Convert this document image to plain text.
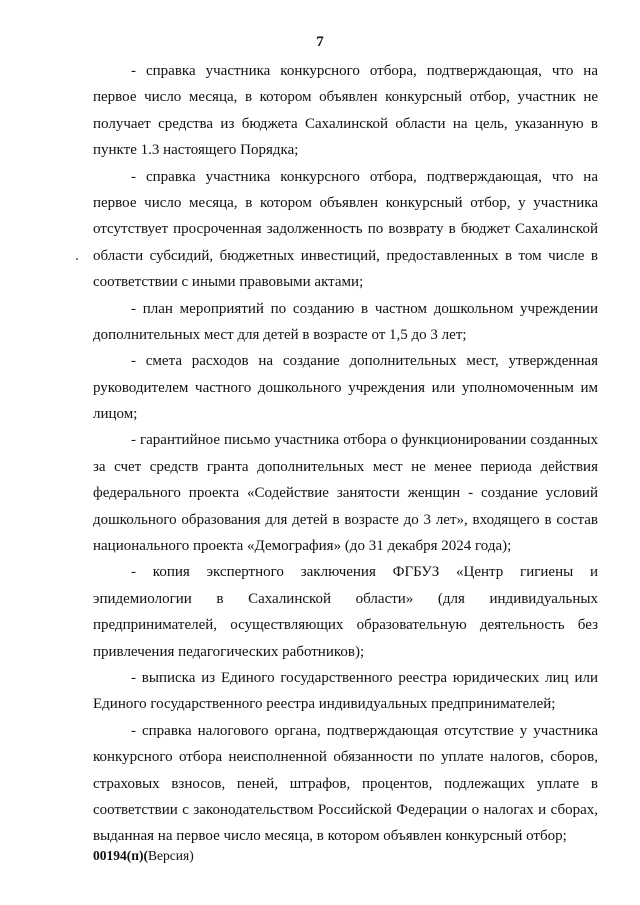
7
- справка участника конкурсного отбора, подтверждающая, что на
первое число месяца, в котором объявлен конкурсный отбор, участник не
получает средства из бюджета Сахалинской области на цель, указанную в
пункте 1.3 настоящего Порядка;
- справка участника конкурсного отбора, подтверждающая, что на
первое число месяца, в котором объявлен конкурсный отбор, у участника
отсутствует просроченная задолженность по возврату в бюджет Сахалинской
области субсидий, бюджетных инвестиций, предоставленных в том числе в
соответствии с иными правовыми актами;
- план мероприятий по созданию в частном дошкольном учреждении
дополнительных мест для детей в возрасте от 1,5 до 3 лет;
- смета расходов на создание дополнительных мест, утвержденная
руководителем частного дошкольного учреждения или уполномоченным им
лицом;
- гарантийное письмо участника отбора о функционировании созданных
за счет средств гранта дополнительных мест не менее периода действия
федерального проекта «Содействие занятости женщин - создание условий
дошкольного образования для детей в возрасте до 3 лет», входящего в состав
национального проекта «Демография» (до 31 декабря 2024 года);
- копия экспертного заключения ФГБУЗ «Центр гигиены и
эпидемиологии в Сахалинской области» (для индивидуальных
предпринимателей, осуществляющих образовательную деятельность без
привлечения педагогических работников);
- выписка из Единого государственного реестра юридических лиц или
Единого государственного реестра индивидуальных предпринимателей;
- справка налогового органа, подтверждающая отсутствие у участника
конкурсного отбора неисполненной обязанности по уплате налогов, сборов,
страховых взносов, пеней, штрафов, процентов, подлежащих уплате в
соответствии с законодательством Российской Федерации о налогах и сборах,
выданная на первое число месяца, в котором объявлен конкурсный отбор;
00194(п)(Версия)
